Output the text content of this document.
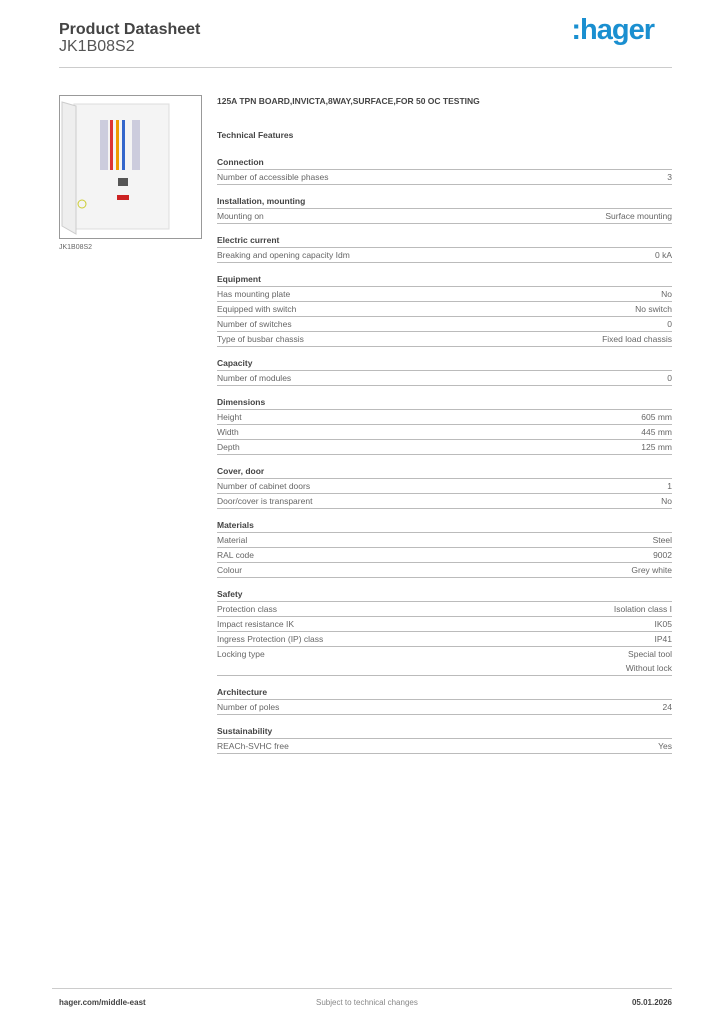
Product Datasheet
JK1B08S2
:hager
JK1B08S2
125A TPN BOARD,INVICTA,8WAY,SURFACE,FOR 50 OC TESTING
Technical Features
Connection
Number of accessible phases	3
Installation, mounting
Mounting on	Surface mounting
Electric current
Breaking and opening capacity Idm	0 kA
Equipment
Has mounting plate	No
Equipped with switch	No switch
Number of switches	0
Type of busbar chassis	Fixed load chassis
Capacity
Number of modules	0
Dimensions
Height	605 mm
Width	445 mm
Depth	125 mm
Cover, door
Number of cabinet doors	1
Door/cover is transparent	No
Materials
Material	Steel
RAL code	9002
Colour	Grey white
Safety
Protection class	Isolation class I
Impact resistance IK	IK05
Ingress Protection (IP) class	IP41
Locking type	Special tool
Without lock
Architecture
Number of poles	24
Sustainability
REACh-SVHC free	Yes
hager.com/middle-east	Subject to technical changes	05.01.2026
